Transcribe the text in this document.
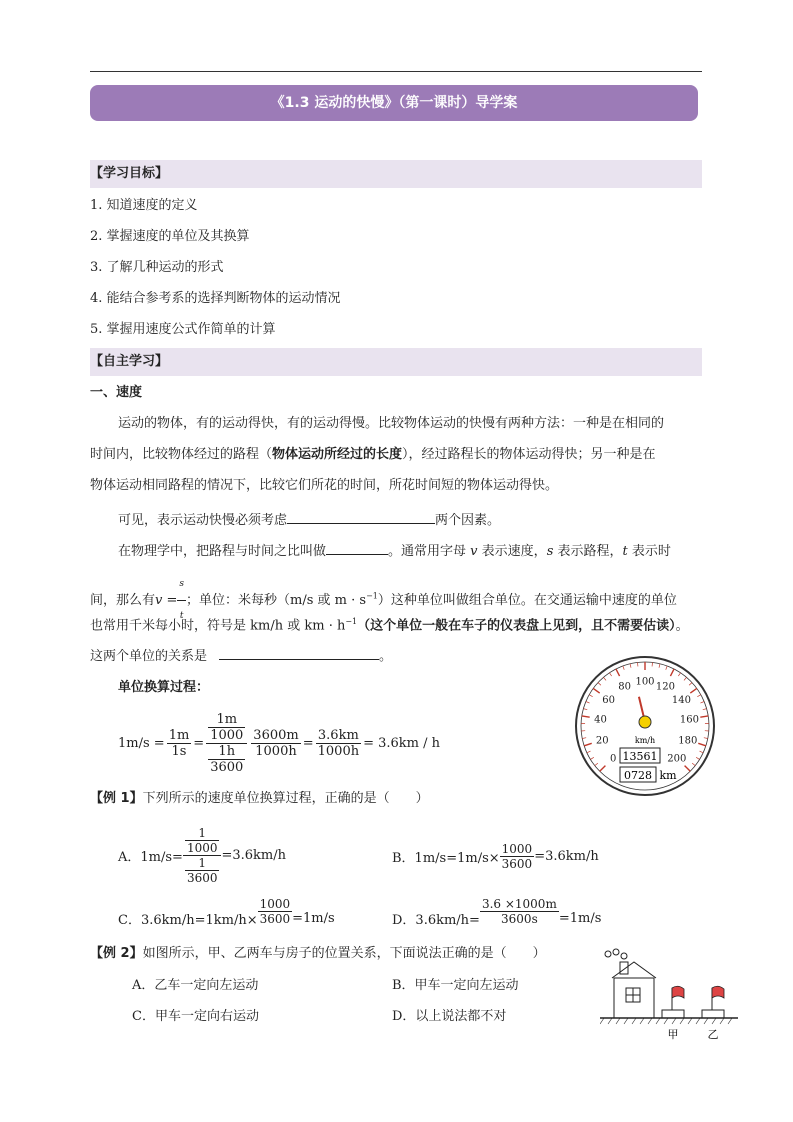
《1.3 运动的快慢》（第一课时）导学案
【学习目标】
1. 知道速度的定义
2. 掌握速度的单位及其换算
3. 了解几种运动的形式
4. 能结合参考系的选择判断物体的运动情况
5. 掌握用速度公式作简单的计算
【自主学习】
一、速度
运动的物体，有的运动得快，有的运动得慢。比较物体运动的快慢有两种方法：一种是在相同的
时间内，比较物体经过的路程（物体运动所经过的长度），经过路程长的物体运动得快；另一种是在
物体运动相同路程的情况下，比较它们所花的时间，所花时间短的物体运动得快。
可见，表示运动快慢必须考虑	两个因素。
在物理学中，把路程与时间之比叫做	。通常用字母 v 表示速度，s 表示路程，t 表示时
间，那么有$v = \frac{s}{t}$ ；单位：米每秒（m/s 或 $m \cdot s^{-1}$）这种单位叫做组合单位。在交通运输中速度的单位
也常用千米每小时，符号是 km/h 或 km · $h^{-1}$（这个单位一般在车子的仪表盘上见到，且不需要估读）。
这两个单位的关系是	。
单位换算过程：
$1m/s = \frac{1m}{1s} = \frac{\frac{1m}{1000}}{\frac{1h}{3600}} \frac{3600m}{1000h} = \frac{3.6km}{1000h} = 3.6km / h$
0
20
40
60
80 100 120
140
160
180
200
km/h
13561
0728 km
【例 1】下列所示的速度单位换算过程，正确的是（　　）
A．$1m/s= \frac{\frac{1}{1000}}{\frac{1}{3600}} =3.6km/h$	B．$1m/s=1m/s\times \frac{1000}{3600} =3.6km/h$
C．$3.6km/h=1km/h\times \frac{1000}{3600} =1m/s$	D．$3.6km/h= \frac{3.6 \times 1000m}{3600s} =1m/s$
【例 2】如图所示，甲、乙两车与房子的位置关系，下面说法正确的是（　　）
A．乙车一定向左运动	B．甲车一定向左运动
C．甲车一定向右运动	D．以上说法都不对
甲	乙
